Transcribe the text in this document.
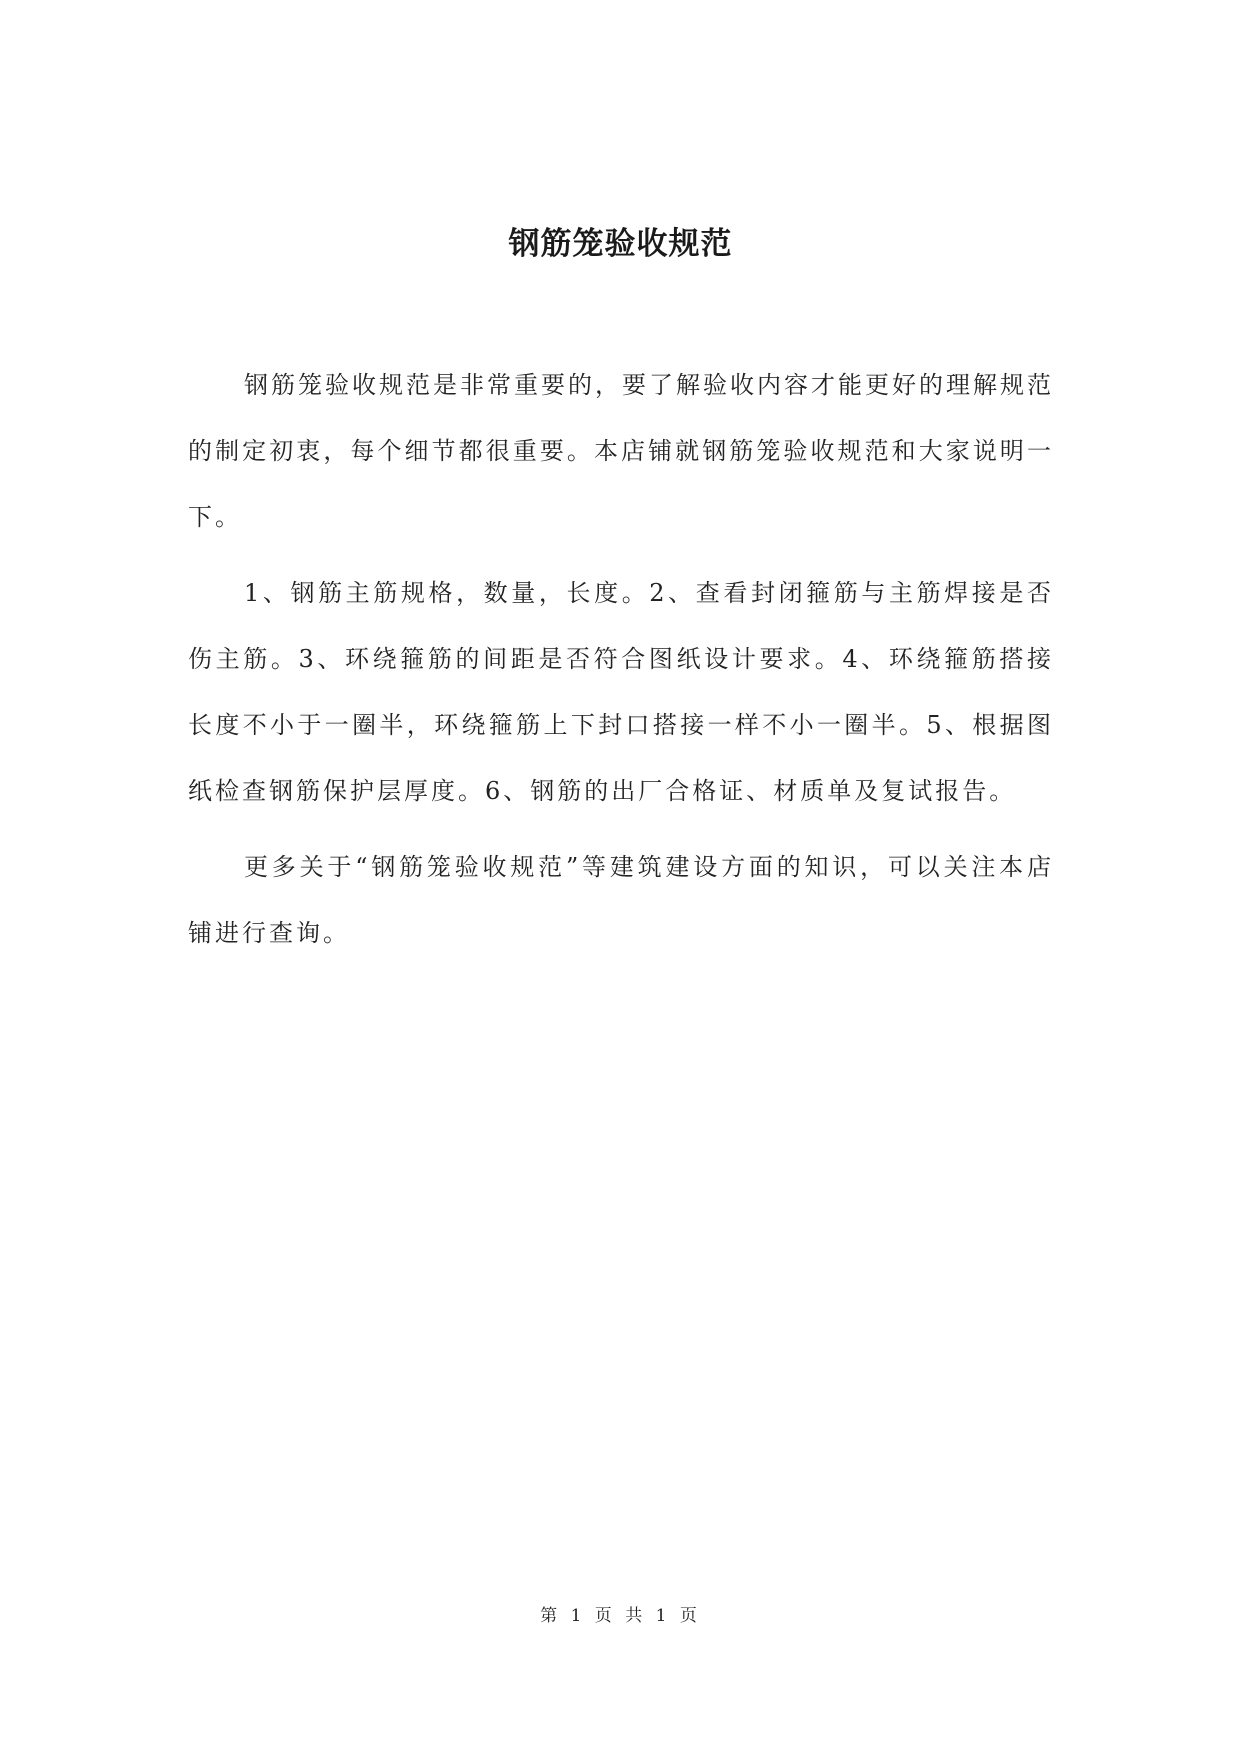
钢筋笼验收规范

钢筋笼验收规范是非常重要的，要了解验收内容才能更好的理解规范的制定初衷，每个细节都很重要。本店铺就钢筋笼验收规范和大家说明一下。

1、钢筋主筋规格，数量，长度。2、查看封闭箍筋与主筋焊接是否伤主筋。3、环绕箍筋的间距是否符合图纸设计要求。4、环绕箍筋搭接长度不小于一圈半，环绕箍筋上下封口搭接一样不小一圈半。5、根据图纸检查钢筋保护层厚度。6、钢筋的出厂合格证、材质单及复试报告。

更多关于“钢筋笼验收规范”等建筑建设方面的知识，可以关注本店铺进行查询。

第 1 页 共 1 页
